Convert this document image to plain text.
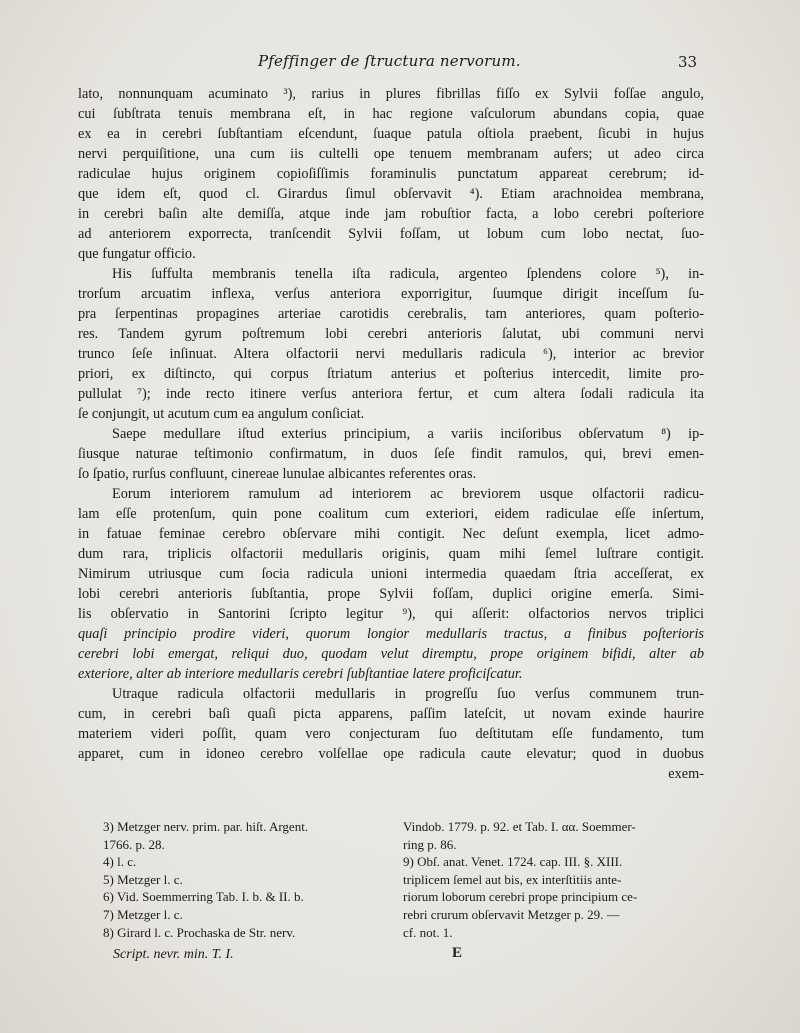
Pfeffinger de ſtructura nervorum.	33
lato, nonnunquam acuminato ³), rarius in plures fibrillas fiſſo ex Sylvii foſſae angulo,
cui ſubſtrata tenuis membrana eſt, in hac regione vaſculorum abundans copia, quae
ex ea in cerebri ſubſtantiam eſcendunt, ſuaque patula oſtiola praebent, ſicubi in hujus
nervi perquiſitione, una cum iis cultelli ope tenuem membranam aufers; ut adeo circa
radiculae hujus originem copioſiſſimis foraminulis punctatum appareat cerebrum; id-
que idem eſt, quod cl. Girardus ſimul obſervavit ⁴). Etiam arachnoidea membrana,
in cerebri baſin alte demiſſa, atque inde jam robuſtior facta, a lobo cerebri poſteriore
ad anteriorem exporrecta, tranſcendit Sylvii foſſam, ut lobum cum lobo nectat, ſuo-
que fungatur officio.
His ſuffulta membranis tenella iſta radicula, argenteo ſplendens colore ⁵), in-
trorſum arcuatim inflexa, verſus anteriora exporrigitur, ſuumque dirigit inceſſum ſu-
pra ſerpentinas propagines arteriae carotidis cerebralis, tam anteriores, quam poſterio-
res. Tandem gyrum poſtremum lobi cerebri anterioris ſalutat, ubi communi nervi
trunco ſeſe inſinuat. Altera olfactorii nervi medullaris radicula ⁶), interior ac brevior
priori, ex diſtincto, qui corpus ſtriatum anterius et poſterius intercedit, limite pro-
pullulat ⁷); inde recto itinere verſus anteriora fertur, et cum altera ſodali radicula ita
ſe conjungit, ut acutum cum ea angulum conſiciat.
Saepe medullare iſtud exterius principium, a variis inciſoribus obſervatum ⁸) ip-
ſiusque naturae teſtimonio confirmatum, in duos ſeſe findit ramulos, qui, brevi emen-
ſo ſpatio, rurſus confluunt, cinereae lunulae albicantes referentes oras.
Eorum interiorem ramulum ad interiorem ac breviorem usque olfactorii radicu-
lam eſſe protenſum, quin pone coalitum cum exteriori, eidem radiculae eſſe inſertum,
in fatuae feminae cerebro obſervare mihi contigit. Nec deſunt exempla, licet admo-
dum rara, triplicis olfactorii medullaris originis, quam mihi ſemel luſtrare contigit.
Nimirum utriusque cum ſocia radicula unioni intermedia quaedam ſtria acceſſerat, ex
lobi cerebri anterioris ſubſtantia, prope Sylvii foſſam, duplici origine emerſa. Simi-
lis obſervatio in Santorini ſcripto legitur ⁹), qui aſſerit: olfactorios nervos triplici
quaſi principio prodire videri, quorum longior medullaris tractus, a finibus poſterioris
cerebri lobi emergat, reliqui duo, quodam velut diremptu, prope originem bifidi, alter ab
exteriore, alter ab interiore medullaris cerebri ſubſtantiae latere proficiſcatur.
Utraque radicula olfactorii medullaris in progreſſu ſuo verſus communem trun-
cum, in cerebri baſi quaſi picta apparens, paſſim lateſcit, ut novam exinde haurire
materiem videri poſſit, quam vero conjecturam ſuo deſtitutam eſſe fundamento, tum
apparet, cum in idoneo cerebro volſellae ope radicula caute elevatur; quod in duobus
exem-
3) Metzger nerv. prim. par. hiſt. Argent.
1766. p. 28.
4) l. c.
5) Metzger l. c.
6) Vid. Soemmerring Tab. I. b. & II. b.
7) Metzger l. c.
8) Girard l. c. Prochaska de Str. nerv.
Vindob. 1779. p. 92. et Tab. I. αα. Soemmer-
ring p. 86.
9) Obſ. anat. Venet. 1724. cap. III. §. XIII.
triplicem ſemel aut bis, ex interſtitiis ante-
riorum loborum cerebri prope principium ce-
rebri crurum obſervavit Metzger p. 29. —
cf. not. 1.
Script. nevr. min. T. I.	E
